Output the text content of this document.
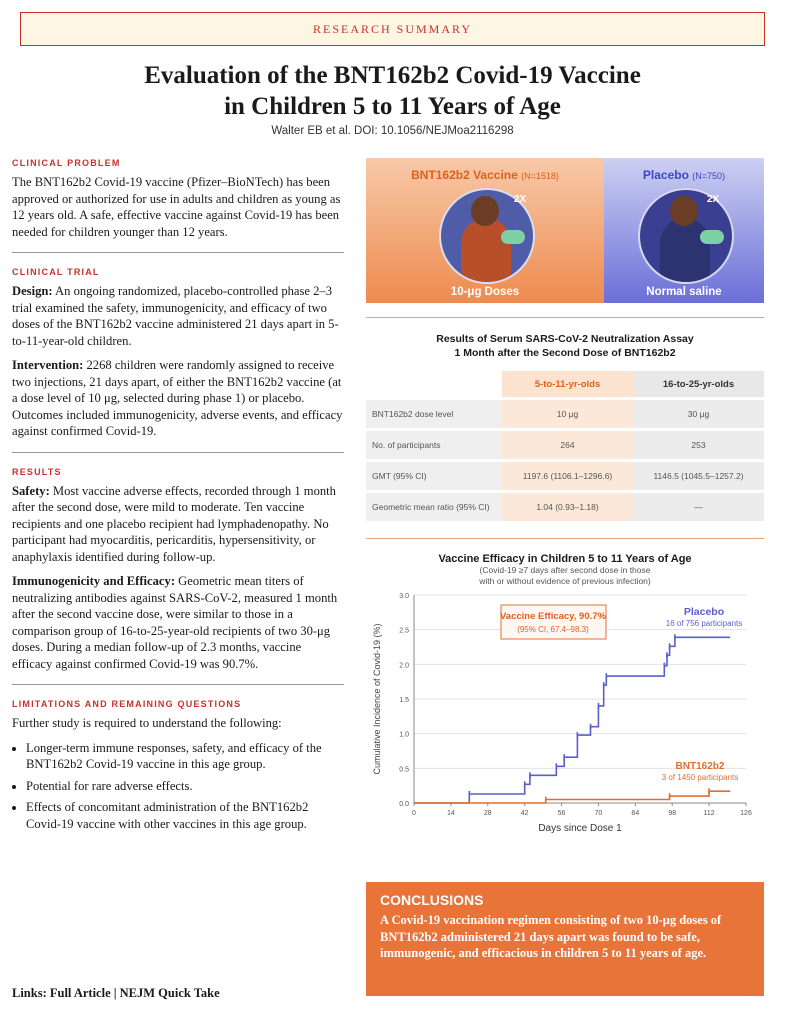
RESEARCH SUMMARY
Evaluation of the BNT162b2 Covid-19 Vaccine
in Children 5 to 11 Years of Age
Walter EB et al. DOI: 10.1056/NEJMoa2116298
CLINICAL PROBLEM

The BNT162b2 Covid-19 vaccine (Pfizer–BioNTech) has been approved or authorized for use in adults and children as young as 12 years old. A safe, effective vaccine against Covid-19 has been needed for children younger than 12 years.

CLINICAL TRIAL

Design: An ongoing randomized, placebo-controlled phase 2–3 trial examined the safety, immunogenicity, and efficacy of two doses of the BNT162b2 vaccine administered 21 days apart in 5-to-11-year-old children.

Intervention: 2268 children were randomly assigned to receive two injections, 21 days apart, of either the BNT162b2 vaccine (at a dose level of 10 μg, selected during phase 1) or placebo. Outcomes included immunogenicity, adverse events, and efficacy against confirmed Covid-19.

RESULTS

Safety: Most vaccine adverse effects, recorded through 1 month after the second dose, were mild to moderate. Ten vaccine recipients and one placebo recipient had lymphadenopathy. No participant had myocarditis, pericarditis, hypersensitivity, or anaphylaxis identified during follow-up.

Immunogenicity and Efficacy: Geometric mean titers of neutralizing antibodies against SARS-CoV-2, measured 1 month after the second vaccine dose, were similar to those in a comparison group of 16-to-25-year-old recipients of two 30-μg doses. During a median follow-up of 2.3 months, vaccine efficacy against confirmed Covid-19 was 90.7%.

LIMITATIONS AND REMAINING QUESTIONS

Further study is required to understand the following:

• Longer-term immune responses, safety, and efficacy of the BNT162b2 Covid-19 vaccine in this age group.
• Potential for rare adverse effects.
• Effects of concomitant administration of the BNT162b2 Covid-19 vaccine with other vaccines in this age group.
Links: Full Article | NEJM Quick Take
BNT162b2 Vaccine (N=1518)
2X
10-μg Doses
Placebo (N=750)
2X
Normal saline
Results of Serum SARS-CoV-2 Neutralization Assay
1 Month after the Second Dose of BNT162b2
	5-to-11-yr-olds	16-to-25-yr-olds
BNT162b2 dose level	10 μg	30 μg
No. of participants	264	253
GMT (95% CI)	1197.6 (1106.1–1296.6)	1146.5 (1045.5–1257.2)
Geometric mean ratio (95% CI)	1.04 (0.93–1.18)	—
Vaccine Efficacy in Children 5 to 11 Years of Age
(Covid-19 ≥7 days after second dose in those
with or without evidence of previous infection)
0.0
0.5
1.0
1.5
2.0
2.5
3.0
0	14	28	42	56	70	84	98	112	126
Cumulative Incidence of Covid-19 (%)
Days since Dose 1
Vaccine Efficacy, 90.7%
(95% CI, 67.4–98.3)
Placebo
16 of 756 participants
BNT162b2
3 of 1450 participants
CONCLUSIONS
A Covid-19 vaccination regimen consisting of two 10-μg doses of BNT162b2 administered 21 days apart was found to be safe, immunogenic, and efficacious in children 5 to 11 years of age.
